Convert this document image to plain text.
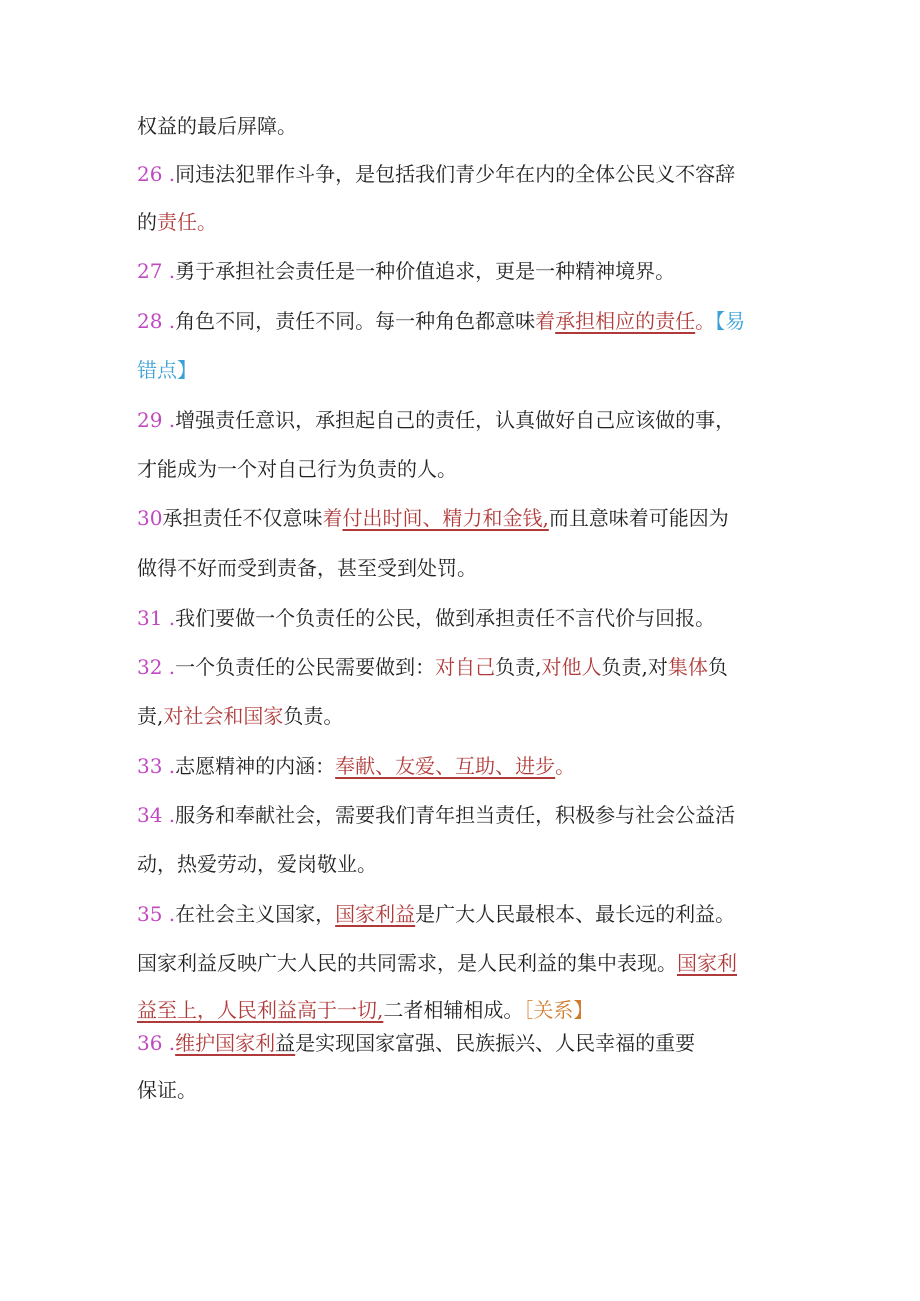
权益的最后屏障。
26 .同违法犯罪作斗争，是包括我们青少年在内的全体公民义不容辞
的责任。
27 .勇于承担社会责任是一种价值追求，更是一种精神境界。
28 .角色不同，责任不同。每一种角色都意味着承担相应的责任。【易
错点】
29 .增强责任意识，承担起自己的责任，认真做好自己应该做的事，
才能成为一个对自己行为负责的人。
30承担责任不仅意味着付出时间、精力和金钱,而且意味着可能因为
做得不好而受到责备，甚至受到处罚。
31 .我们要做一个负责任的公民，做到承担责任不言代价与回报。
32 .一个负责任的公民需要做到：对自己负责,对他人负责,对集体负
责,对社会和国家负责。
33 .志愿精神的内涵：奉献、友爱、互助、进步。
34 .服务和奉献社会，需要我们青年担当责任，积极参与社会公益活
动，热爱劳动，爱岗敬业。
35 .在社会主义国家，国家利益是广大人民最根本、最长远的利益。
国家利益反映广大人民的共同需求，是人民利益的集中表现。国家利
益至上，人民利益高于一切,二者相辅相成。［关系】
36 .维护国家利益是实现国家富强、民族振兴、人民幸福的重要
保证。
